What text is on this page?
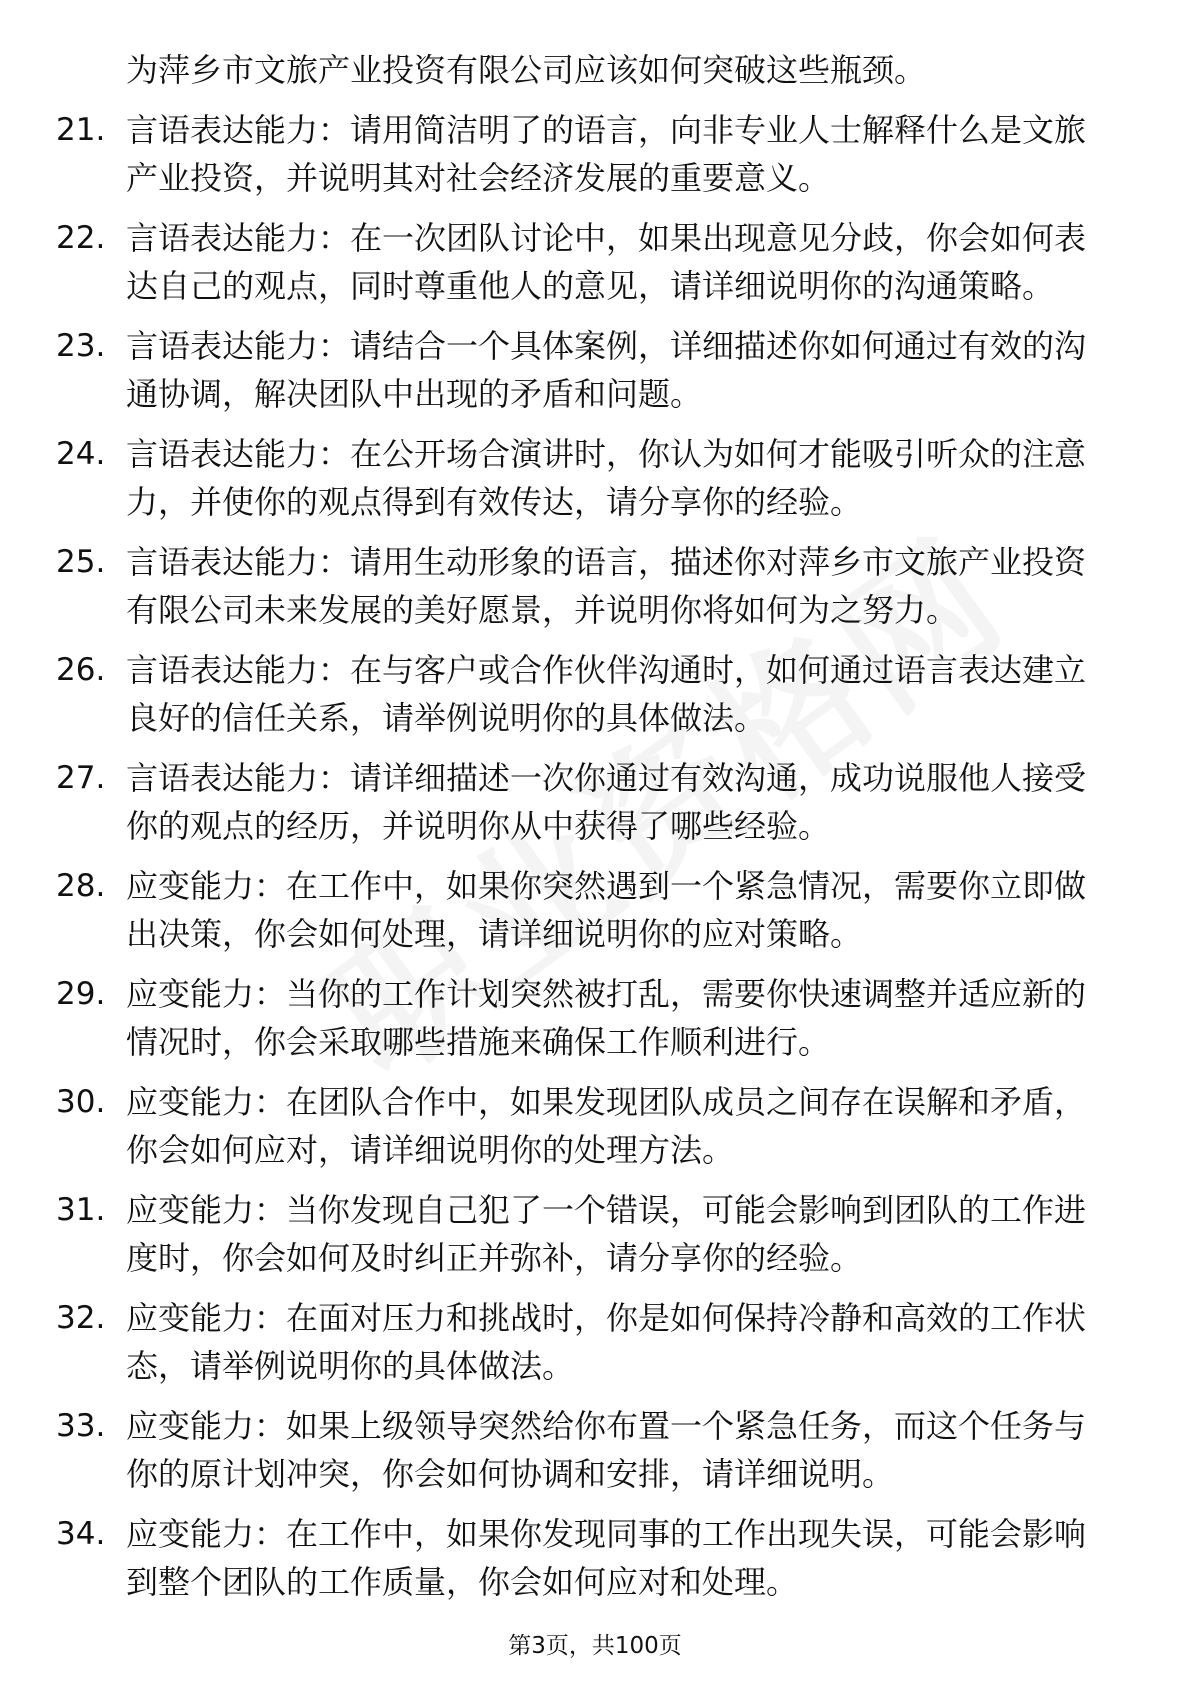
为萍乡市文旅产业投资有限公司应该如何突破这些瓶颈。
21. 言语表达能力：请用简洁明了的语言，向非专业人士解释什么是文旅产业投资，并说明其对社会经济发展的重要意义。
22. 言语表达能力：在一次团队讨论中，如果出现意见分歧，你会如何表达自己的观点，同时尊重他人的意见，请详细说明你的沟通策略。
23. 言语表达能力：请结合一个具体案例，详细描述你如何通过有效的沟通协调，解决团队中出现的矛盾和问题。
24. 言语表达能力：在公开场合演讲时，你认为如何才能吸引听众的注意力，并使你的观点得到有效传达，请分享你的经验。
25. 言语表达能力：请用生动形象的语言，描述你对萍乡市文旅产业投资有限公司未来发展的美好愿景，并说明你将如何为之努力。
26. 言语表达能力：在与客户或合作伙伴沟通时，如何通过语言表达建立良好的信任关系，请举例说明你的具体做法。
27. 言语表达能力：请详细描述一次你通过有效沟通，成功说服他人接受你的观点的经历，并说明你从中获得了哪些经验。
28. 应变能力：在工作中，如果你突然遇到一个紧急情况，需要你立即做出决策，你会如何处理，请详细说明你的应对策略。
29. 应变能力：当你的工作计划突然被打乱，需要你快速调整并适应新的情况时，你会采取哪些措施来确保工作顺利进行。
30. 应变能力：在团队合作中，如果发现团队成员之间存在误解和矛盾，你会如何应对，请详细说明你的处理方法。
31. 应变能力：当你发现自己犯了一个错误，可能会影响到团队的工作进度时，你会如何及时纠正并弥补，请分享你的经验。
32. 应变能力：在面对压力和挑战时，你是如何保持冷静和高效的工作状态，请举例说明你的具体做法。
33. 应变能力：如果上级领导突然给你布置一个紧急任务，而这个任务与你的原计划冲突，你会如何协调和安排，请详细说明。
34. 应变能力：在工作中，如果你发现同事的工作出现失误，可能会影响到整个团队的工作质量，你会如何应对和处理。
第3页，共100页
